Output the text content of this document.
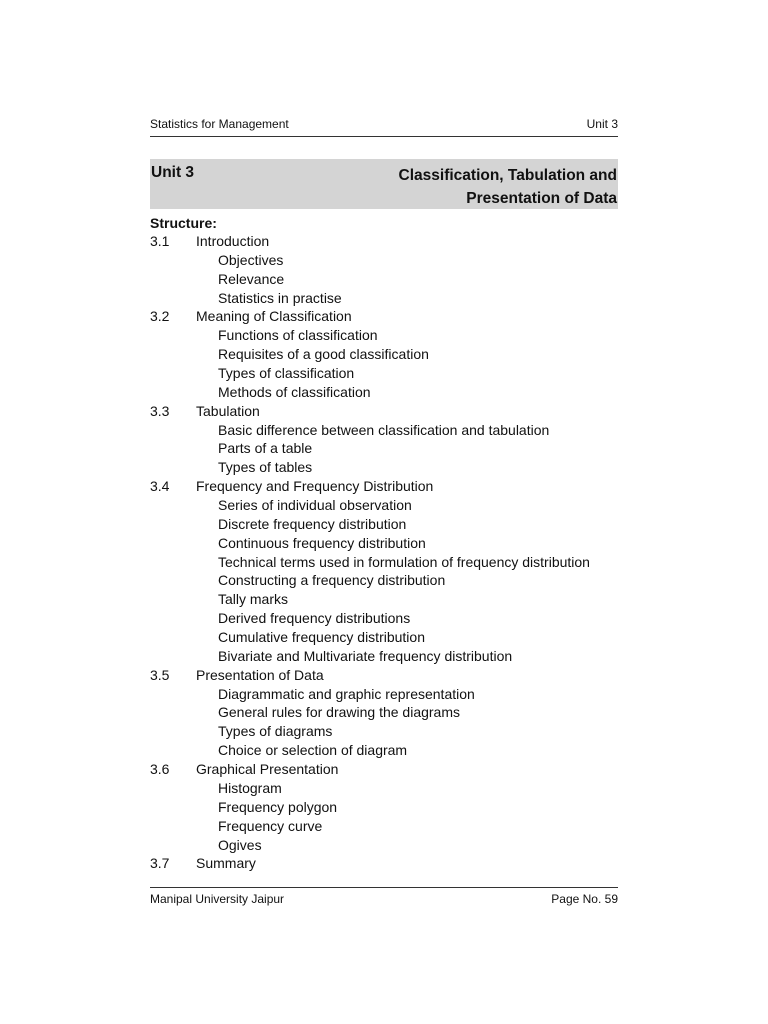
Statistics for Management	Unit 3
Unit 3	Classification, Tabulation and
Presentation of Data
Structure:
3.1 Introduction
Objectives
Relevance
Statistics in practise
3.2 Meaning of Classification
Functions of classification
Requisites of a good classification
Types of classification
Methods of classification
3.3 Tabulation
Basic difference between classification and tabulation
Parts of a table
Types of tables
3.4 Frequency and Frequency Distribution
Series of individual observation
Discrete frequency distribution
Continuous frequency distribution
Technical terms used in formulation of frequency distribution
Constructing a frequency distribution
Tally marks
Derived frequency distributions
Cumulative frequency distribution
Bivariate and Multivariate frequency distribution
3.5 Presentation of Data
Diagrammatic and graphic representation
General rules for drawing the diagrams
Types of diagrams
Choice or selection of diagram
3.6 Graphical Presentation
Histogram
Frequency polygon
Frequency curve
Ogives
3.7 Summary
Manipal University Jaipur	Page No. 59
